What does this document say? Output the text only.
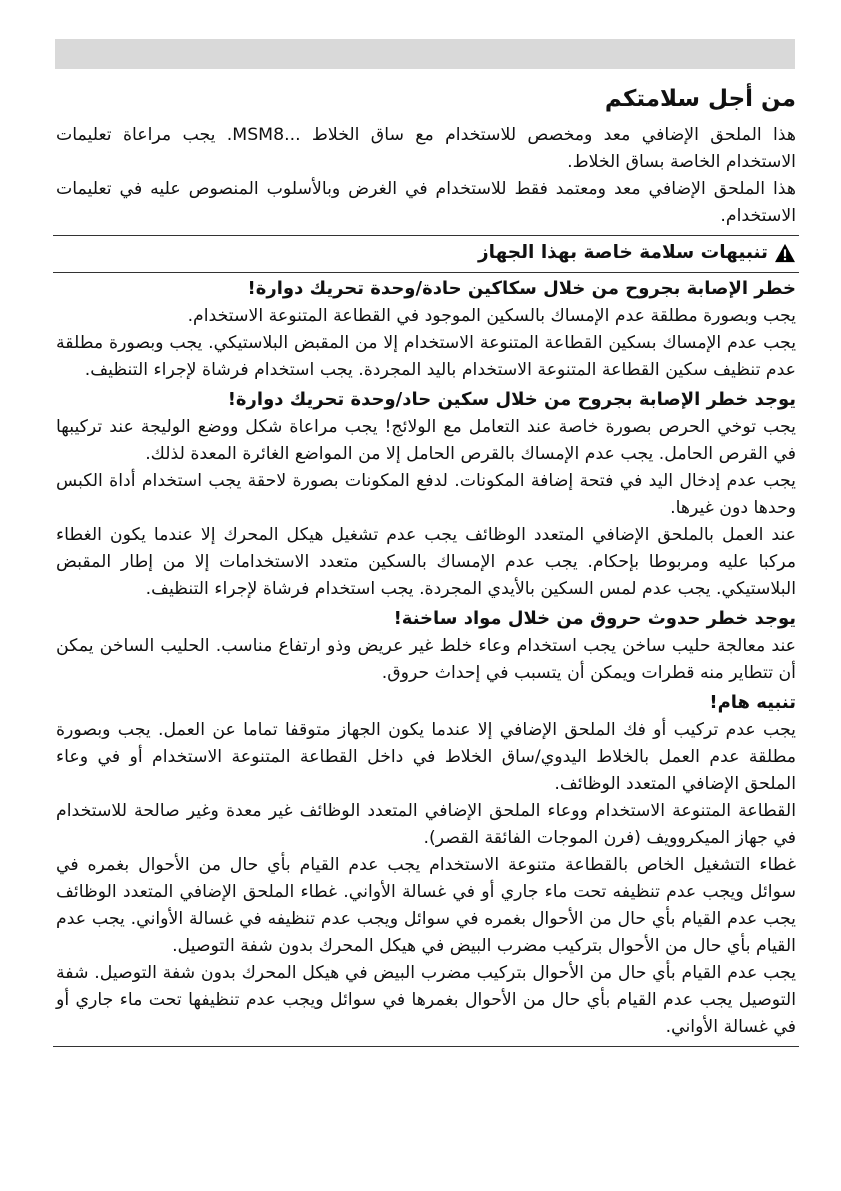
من أجل سلامتكم

هذا الملحق الإضافي معد ومخصص للاستخدام مع ساق الخلاط ...MSM8. يجب مراعاة تعليمات الاستخدام الخاصة بساق الخلاط.

هذا الملحق الإضافي معد ومعتمد فقط للاستخدام في الغرض وبالأسلوب المنصوص عليه في تعليمات الاستخدام.

تنبيهات سلامة خاصة بهذا الجهاز
خطر الإصابة بجروح من خلال سكاكين حادة/وحدة تحريك دوارة!

يجب وبصورة مطلقة عدم الإمساك بالسكين الموجود في القطاعة المتنوعة الاستخدام.

يجب عدم الإمساك بسكين القطاعة المتنوعة الاستخدام إلا من المقبض البلاستيكي. يجب وبصورة مطلقة عدم تنظيف سكين القطاعة المتنوعة الاستخدام باليد المجردة. يجب استخدام فرشاة لإجراء التنظيف.

يوجد خطر الإصابة بجروح من خلال سكين حاد/وحدة تحريك دوارة!

يجب توخي الحرص بصورة خاصة عند التعامل مع الولائج! يجب مراعاة شكل ووضع الوليجة عند تركيبها في القرص الحامل. يجب عدم الإمساك بالقرص الحامل إلا من المواضع الغائرة المعدة لذلك.

يجب عدم إدخال اليد في فتحة إضافة المكونات. لدفع المكونات بصورة لاحقة يجب استخدام أداة الكبس وحدها دون غيرها.

عند العمل بالملحق الإضافي المتعدد الوظائف يجب عدم تشغيل هيكل المحرك إلا عندما يكون الغطاء مركبا عليه ومربوطا بإحكام. يجب عدم الإمساك بالسكين متعدد الاستخدامات إلا من إطار المقبض البلاستيكي. يجب عدم لمس السكين بالأيدي المجردة. يجب استخدام فرشاة لإجراء التنظيف.

يوجد خطر حدوث حروق من خلال مواد ساخنة!

عند معالجة حليب ساخن يجب استخدام وعاء خلط غير عريض وذو ارتفاع مناسب. الحليب الساخن يمكن أن تتطاير منه قطرات ويمكن أن يتسبب في إحداث حروق.

تنبيه هام!

يجب عدم تركيب أو فك الملحق الإضافي إلا عندما يكون الجهاز متوقفا تماما عن العمل. يجب وبصورة مطلقة عدم العمل بالخلاط اليدوي/ساق الخلاط في داخل القطاعة المتنوعة الاستخدام أو في وعاء الملحق الإضافي المتعدد الوظائف.

القطاعة المتنوعة الاستخدام ووعاء الملحق الإضافي المتعدد الوظائف غير معدة وغير صالحة للاستخدام في جهاز الميكروويف (فرن الموجات الفائقة القصر).

غطاء التشغيل الخاص بالقطاعة متنوعة الاستخدام يجب عدم القيام بأي حال من الأحوال بغمره في سوائل ويجب عدم تنظيفه تحت ماء جاري أو في غسالة الأواني. غطاء الملحق الإضافي المتعدد الوظائف يجب عدم القيام بأي حال من الأحوال بغمره في سوائل ويجب عدم تنظيفه في غسالة الأواني. يجب عدم القيام بأي حال من الأحوال بتركيب مضرب البيض في هيكل المحرك بدون شفة التوصيل.

يجب عدم القيام بأي حال من الأحوال بتركيب مضرب البيض في هيكل المحرك بدون شفة التوصيل. شفة التوصيل يجب عدم القيام بأي حال من الأحوال بغمرها في سوائل ويجب عدم تنظيفها تحت ماء جاري أو في غسالة الأواني.
